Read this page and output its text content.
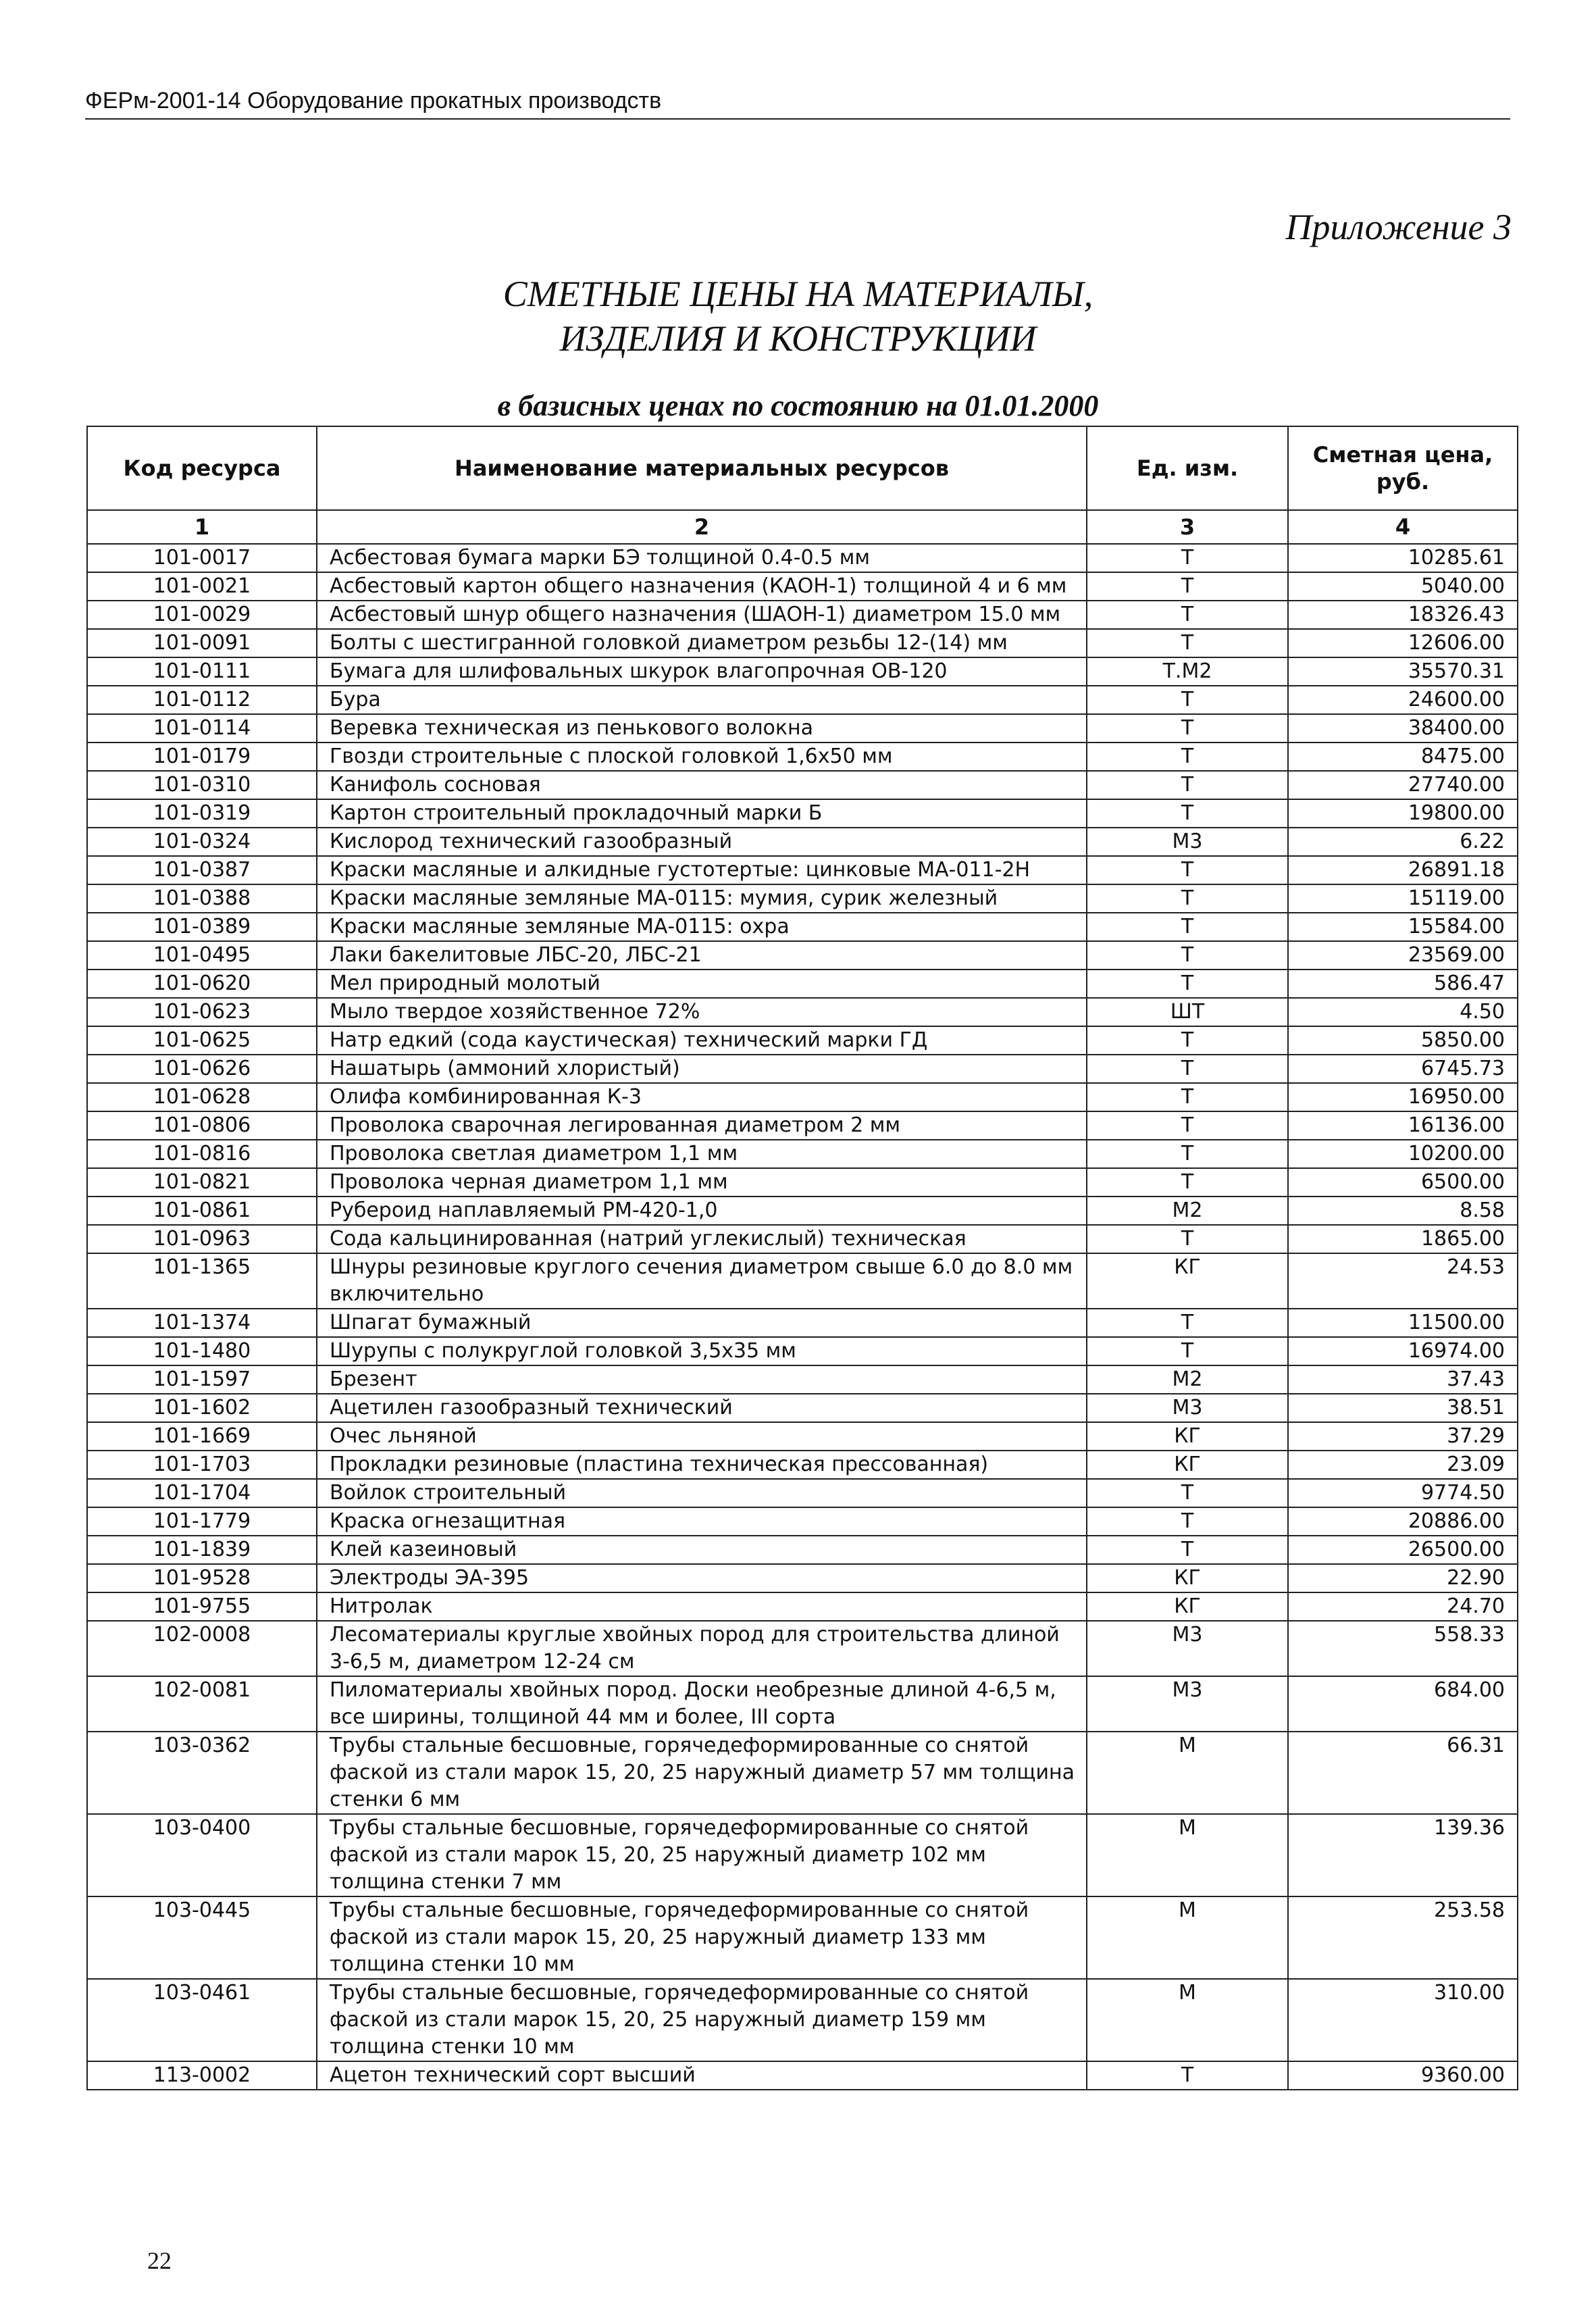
ФЕРм-2001-14 Оборудование прокатных производств
Приложение 3
СМЕТНЫЕ ЦЕНЫ НА МАТЕРИАЛЫ,
ИЗДЕЛИЯ И КОНСТРУКЦИИ
в базисных ценах по состоянию на 01.01.2000
Код ресурса	Наименование материальных ресурсов	Ед. изм.	Сметная цена, руб.
1	2	3	4
101-0017	Асбестовая бумага марки БЭ толщиной 0.4-0.5 мм	Т	10285.61
101-0021	Асбестовый картон общего назначения (КАОН-1) толщиной 4 и 6 мм	Т	5040.00
101-0029	Асбестовый шнур общего назначения (ШАОН-1) диаметром 15.0 мм	Т	18326.43
101-0091	Болты с шестигранной головкой диаметром резьбы 12-(14) мм	Т	12606.00
101-0111	Бумага для шлифовальных шкурок влагопрочная ОВ-120	Т.М2	35570.31
101-0112	Бура	Т	24600.00
101-0114	Веревка техническая из пенькового волокна	Т	38400.00
101-0179	Гвозди строительные с плоской головкой 1,6х50 мм	Т	8475.00
101-0310	Канифоль сосновая	Т	27740.00
101-0319	Картон строительный прокладочный марки Б	Т	19800.00
101-0324	Кислород технический газообразный	М3	6.22
101-0387	Краски масляные и алкидные густотертые: цинковые МА-011-2Н	Т	26891.18
101-0388	Краски масляные земляные МА-0115: мумия, сурик железный	Т	15119.00
101-0389	Краски масляные земляные МА-0115: охра	Т	15584.00
101-0495	Лаки бакелитовые ЛБС-20, ЛБС-21	Т	23569.00
101-0620	Мел природный молотый	Т	586.47
101-0623	Мыло твердое хозяйственное 72%	ШТ	4.50
101-0625	Натр едкий (сода каустическая) технический марки ГД	Т	5850.00
101-0626	Нашатырь (аммоний хлористый)	Т	6745.73
101-0628	Олифа комбинированная К-3	Т	16950.00
101-0806	Проволока сварочная легированная диаметром 2 мм	Т	16136.00
101-0816	Проволока светлая диаметром 1,1 мм	Т	10200.00
101-0821	Проволока черная диаметром 1,1 мм	Т	6500.00
101-0861	Рубероид наплавляемый РМ-420-1,0	М2	8.58
101-0963	Сода кальцинированная (натрий углекислый) техническая	Т	1865.00
101-1365	Шнуры резиновые круглого сечения диаметром свыше 6.0 до 8.0 мм включительно	КГ	24.53
101-1374	Шпагат бумажный	Т	11500.00
101-1480	Шурупы с полукруглой головкой 3,5х35 мм	Т	16974.00
101-1597	Брезент	М2	37.43
101-1602	Ацетилен газообразный технический	М3	38.51
101-1669	Очес льняной	КГ	37.29
101-1703	Прокладки резиновые (пластина техническая прессованная)	КГ	23.09
101-1704	Войлок строительный	Т	9774.50
101-1779	Краска огнезащитная	Т	20886.00
101-1839	Клей казеиновый	Т	26500.00
101-9528	Электроды ЭА-395	КГ	22.90
101-9755	Нитролак	КГ	24.70
102-0008	Лесоматериалы круглые хвойных пород для строительства длиной 3-6,5 м, диаметром 12-24 см	М3	558.33
102-0081	Пиломатериалы хвойных пород. Доски необрезные длиной 4-6,5 м, все ширины, толщиной 44 мм и более, III сорта	М3	684.00
103-0362	Трубы стальные бесшовные, горячедеформированные со снятой фаской из стали марок 15, 20, 25 наружный диаметр 57 мм толщина стенки 6 мм	М	66.31
103-0400	Трубы стальные бесшовные, горячедеформированные со снятой фаской из стали марок 15, 20, 25 наружный диаметр 102 мм толщина стенки 7 мм	М	139.36
103-0445	Трубы стальные бесшовные, горячедеформированные со снятой фаской из стали марок 15, 20, 25 наружный диаметр 133 мм толщина стенки 10 мм	М	253.58
103-0461	Трубы стальные бесшовные, горячедеформированные со снятой фаской из стали марок 15, 20, 25 наружный диаметр 159 мм толщина стенки 10 мм	М	310.00
113-0002	Ацетон технический сорт высший	Т	9360.00
22
